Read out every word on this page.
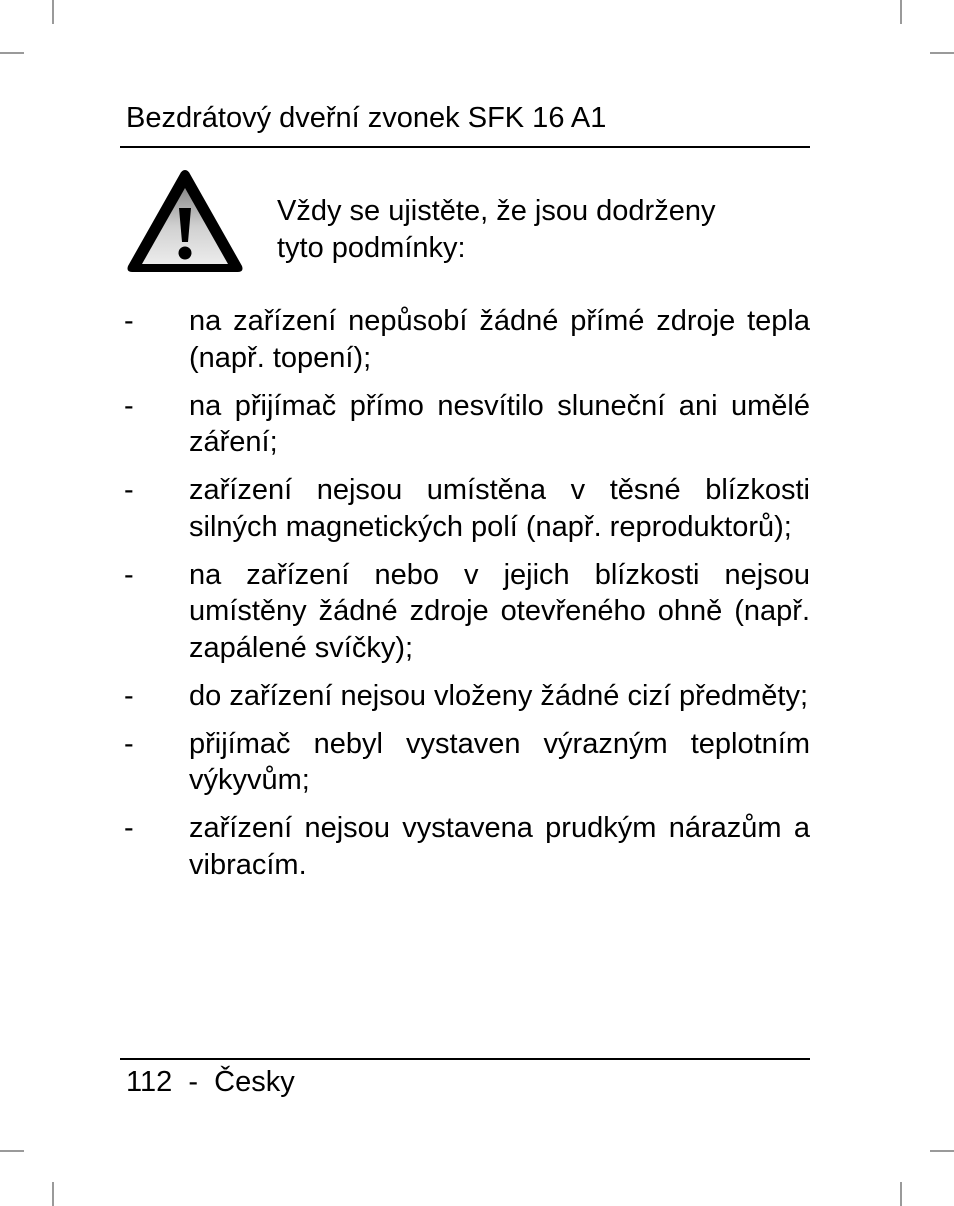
Bezdrátový dveřní zvonek SFK 16 A1
Vždy se ujistěte, že jsou dodrženy
tyto podmínky:
- na zařízení nepůsobí žádné přímé zdroje tepla (např. topení);
- na přijímač přímo nesvítilo sluneční ani umělé záření;
- zařízení nejsou umístěna v těsné blízkosti silných magnetických polí (např. reproduktorů);
- na zařízení nebo v jejich blízkosti nejsou umístěny žádné zdroje otevřeného ohně (např. zapálené svíčky);
- do zařízení nejsou vloženy žádné cizí předměty;
- přijímač nebyl vystaven výrazným teplotním výkyvům;
- zařízení nejsou vystavena prudkým nárazům a vibracím.
112 - Česky
